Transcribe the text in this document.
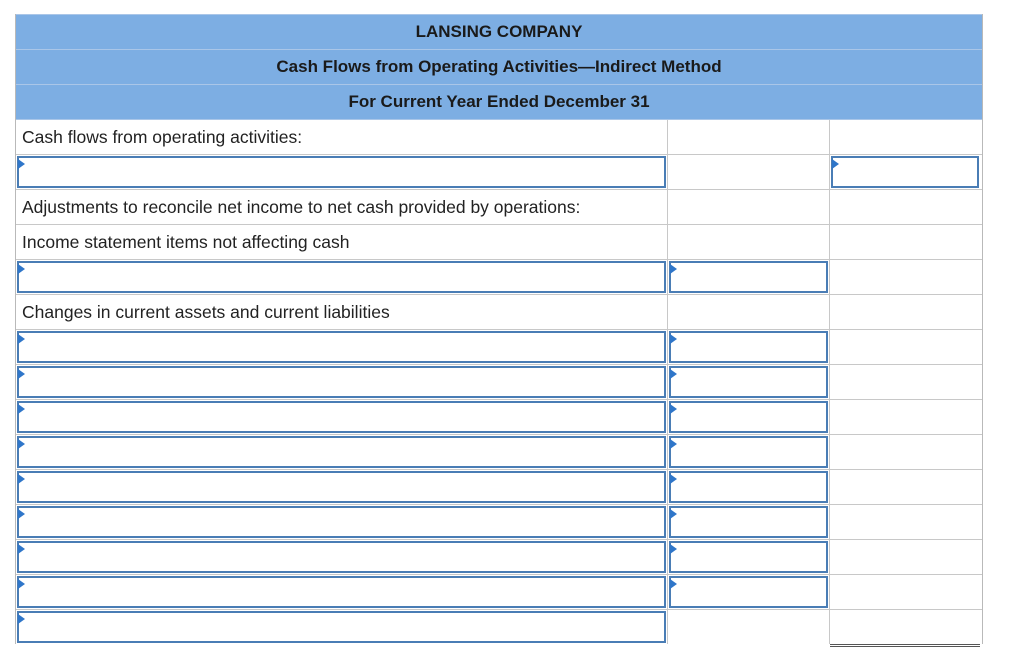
LANSING COMPANY
Cash Flows from Operating Activities—Indirect Method
For Current Year Ended December 31
Cash flows from operating activities:
Adjustments to reconcile net income to net cash provided by operations:
Income statement items not affecting cash
Changes in current assets and current liabilities
